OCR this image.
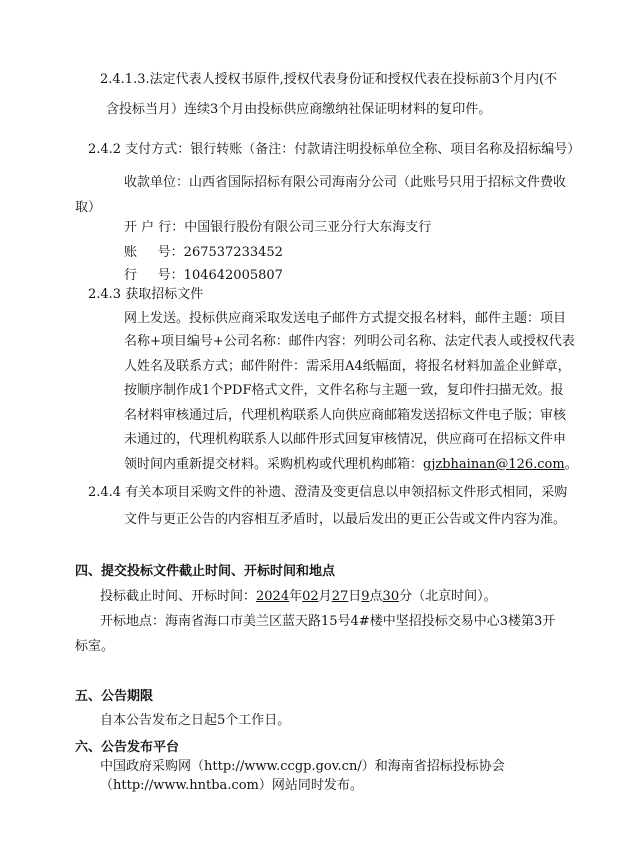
2.4.1.3.法定代表人授权书原件,授权代表身份证和授权代表在投标前3个月内(不
含投标当月）连续3个月由投标供应商缴纳社保证明材料的复印件。
2.4.2 支付方式：银行转账（备注：付款请注明投标单位全称、项目名称及招标编号）
收款单位：山西省国际招标有限公司海南分公司（此账号只用于招标文件费收
取）
开 户 行：中国银行股份有限公司三亚分行大东海支行
账     号：267537233452
行     号：104642005807
2.4.3 获取招标文件
网上发送。投标供应商采取发送电子邮件方式提交报名材料，邮件主题：项目
名称+项目编号+公司名称：邮件内容：列明公司名称、法定代表人或授权代表
人姓名及联系方式；邮件附件：需采用A4纸幅面，将报名材料加盖企业鲜章，
按顺序制作成1个PDF格式文件，文件名称与主题一致，复印件扫描无效。报
名材料审核通过后，代理机构联系人向供应商邮箱发送招标文件电子版；审核
未通过的，代理机构联系人以邮件形式回复审核情况，供应商可在招标文件申
领时间内重新提交材料。采购机构或代理机构邮箱：gjzbhainan@126.com。
2.4.4 有关本项目采购文件的补遗、澄清及变更信息以申领招标文件形式相同，采购
文件与更正公告的内容相互矛盾时，以最后发出的更正公告或文件内容为准。
四、提交投标文件截止时间、开标时间和地点
投标截止时间、开标时间：2024年02月27日9点30分（北京时间）。
开标地点：海南省海口市美兰区蓝天路15号4#楼中坚招投标交易中心3楼第3开
标室。
五、公告期限
自本公告发布之日起5个工作日。
六、公告发布平台
中国政府采购网（http://www.ccgp.gov.cn/）和海南省招标投标协会
（http://www.hntba.com）网站同时发布。
